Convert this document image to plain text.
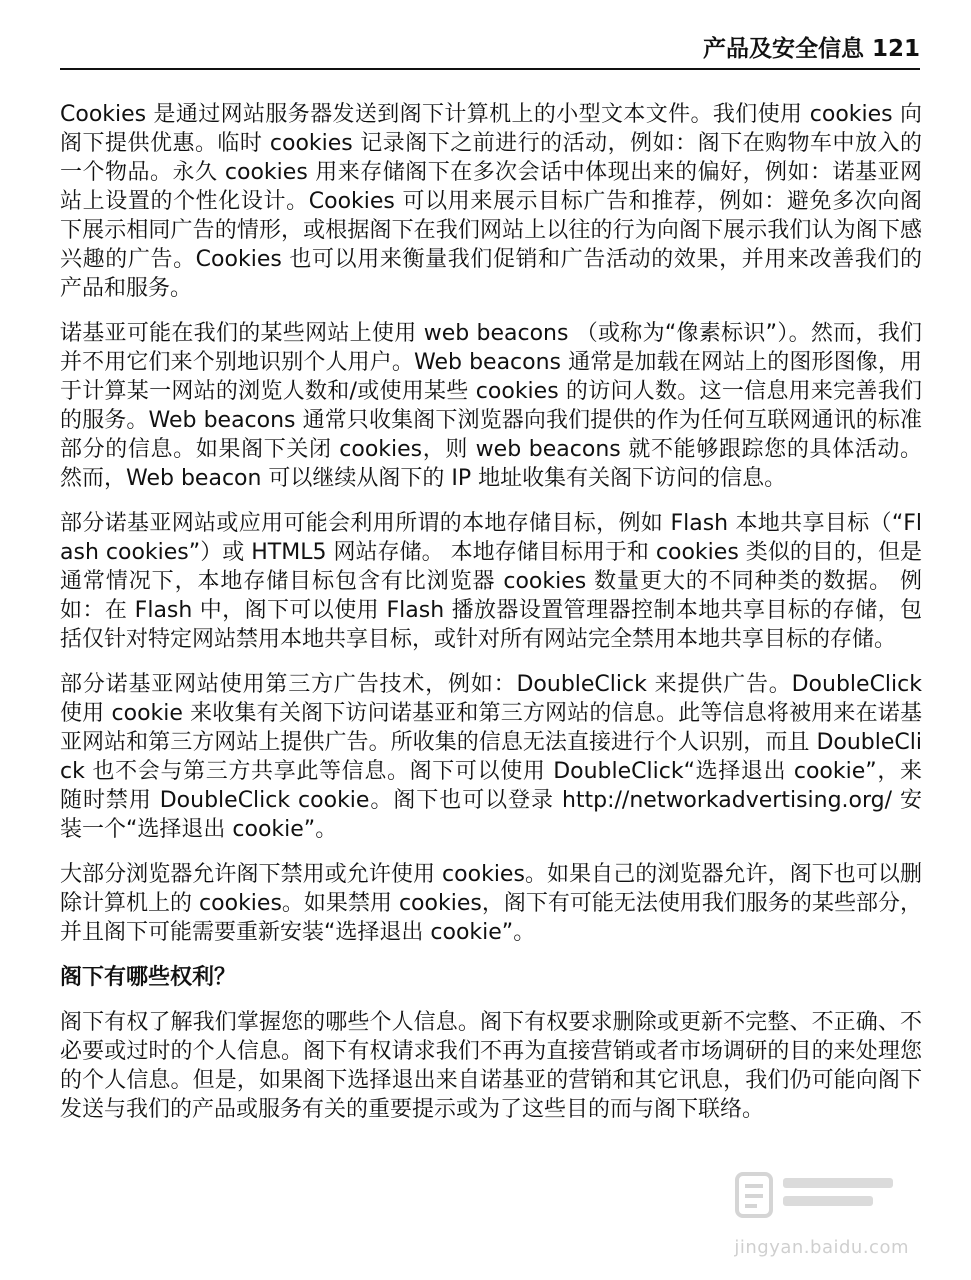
产品及安全信息 121

Cookies 是通过网站服务器发送到阁下计算机上的小型文本文件。我们使用 cookies 向阁下提供优惠。临时 cookies 记录阁下之前进行的活动，例如：阁下在购物车中放入的一个物品。永久 cookies 用来存储阁下在多次会话中体现出来的偏好，例如：诺基亚网站上设置的个性化设计。Cookies 可以用来展示目标广告和推荐，例如：避免多次向阁下展示相同广告的情形，或根据阁下在我们网站上以往的行为向阁下展示我们认为阁下感兴趣的广告。Cookies 也可以用来衡量我们促销和广告活动的效果，并用来改善我们的产品和服务。

诺基亚可能在我们的某些网站上使用 web beacons （或称为“像素标识”）。然而，我们并不用它们来个别地识别个人用户。Web beacons 通常是加载在网站上的图形图像，用于计算某一网站的浏览人数和/或使用某些 cookies 的访问人数。这一信息用来完善我们的服务。Web beacons 通常只收集阁下浏览器向我们提供的作为任何互联网通讯的标准部分的信息。如果阁下关闭 cookies，则 web beacons 就不能够跟踪您的具体活动。然而，Web beacon 可以继续从阁下的 IP 地址收集有关阁下访问的信息。

部分诺基亚网站或应用可能会利用所谓的本地存储目标，例如 Flash 本地共享目标（“Flash cookies”）或 HTML5 网站存储。 本地存储目标用于和 cookies 类似的目的，但是通常情况下，本地存储目标包含有比浏览器 cookies 数量更大的不同种类的数据。 例如：在 Flash 中，阁下可以使用 Flash 播放器设置管理器控制本地共享目标的存储，包括仅针对特定网站禁用本地共享目标，或针对所有网站完全禁用本地共享目标的存储。

部分诺基亚网站使用第三方广告技术，例如：DoubleClick 来提供广告。DoubleClick 使用 cookie 来收集有关阁下访问诺基亚和第三方网站的信息。此等信息将被用来在诺基亚网站和第三方网站上提供广告。所收集的信息无法直接进行个人识别，而且 DoubleClick 也不会与第三方共享此等信息。阁下可以使用 DoubleClick“选择退出 cookie”，来随时禁用 DoubleClick cookie。阁下也可以登录 http://networkadvertising.org/ 安装一个“选择退出 cookie”。

大部分浏览器允许阁下禁用或允许使用 cookies。如果自己的浏览器允许，阁下也可以删除计算机上的 cookies。如果禁用 cookies，阁下有可能无法使用我们服务的某些部分，并且阁下可能需要重新安装“选择退出 cookie”。

阁下有哪些权利？

阁下有权了解我们掌握您的哪些个人信息。阁下有权要求删除或更新不完整、不正确、不必要或过时的个人信息。阁下有权请求我们不再为直接营销或者市场调研的目的来处理您的个人信息。但是，如果阁下选择退出来自诺基亚的营销和其它讯息，我们仍可能向阁下发送与我们的产品或服务有关的重要提示或为了这些目的而与阁下联络。

jingyan.baidu.com
